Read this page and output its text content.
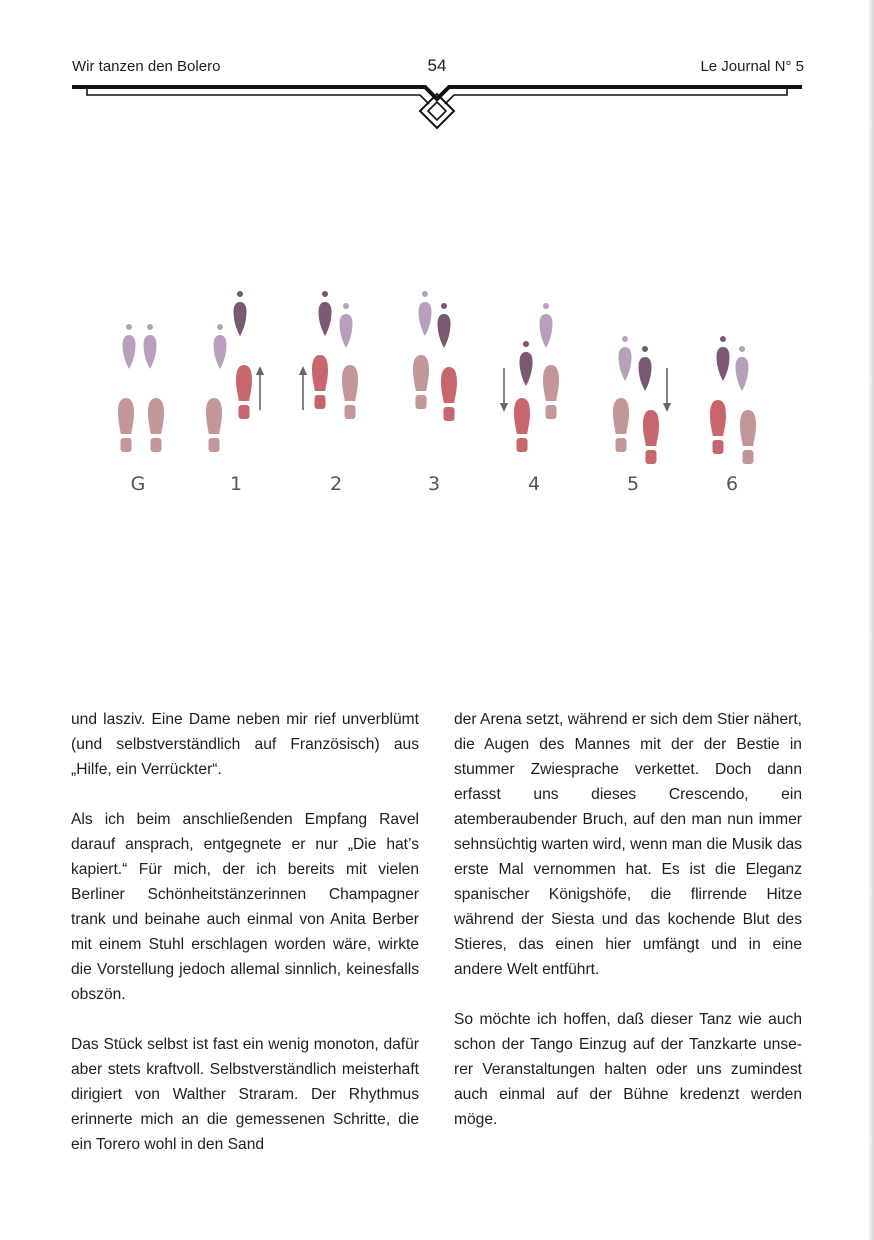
Wir tanzen den Bolero	54	Le Journal N° 5
G	1	2	3	4	5	6

und lasziv. Eine Dame neben mir rief unverblümt (und selbstverständlich auf Französisch) aus „Hilfe, ein Verrückter“.

Als ich beim anschließenden Empfang Ravel darauf ansprach, entgegnete er nur „Die hat’s kapiert.“ Für mich, der ich bereits mit vielen Berliner Schönheitstänzerinnen Champagner trank und beinahe auch einmal von Anita Berber mit einem Stuhl erschlagen worden wäre, wirkte die Vorstellung jedoch allemal sinnlich, keinesfalls obszön.

Das Stück selbst ist fast ein wenig monoton, dafür aber stets kraftvoll. Selbstverständlich meisterhaft dirigiert von Walther Straram. Der Rhythmus erinnerte mich an die gemessenen Schritte, die ein Torero wohl in den Sand

der Arena setzt, während er sich dem Stier nähert, die Augen des Mannes mit der der Bestie in stummer Zwiesprache verkettet. Doch dann erfasst uns dieses Crescendo, ein atemberaubender Bruch, auf den man nun immer sehnsüchtig warten wird, wenn man die Musik das erste Mal vernommen hat. Es ist die Eleganz spanischer Königshöfe, die flirrende Hitze während der Siesta und das kochende Blut des Stieres, das einen hier umfängt und in eine andere Welt entführt.

So möchte ich hoffen, daß dieser Tanz wie auch schon der Tango Einzug auf der Tanzkarte unserer Veranstaltungen halten oder uns zumindest auch einmal auf der Bühne kredenzt werden möge.
